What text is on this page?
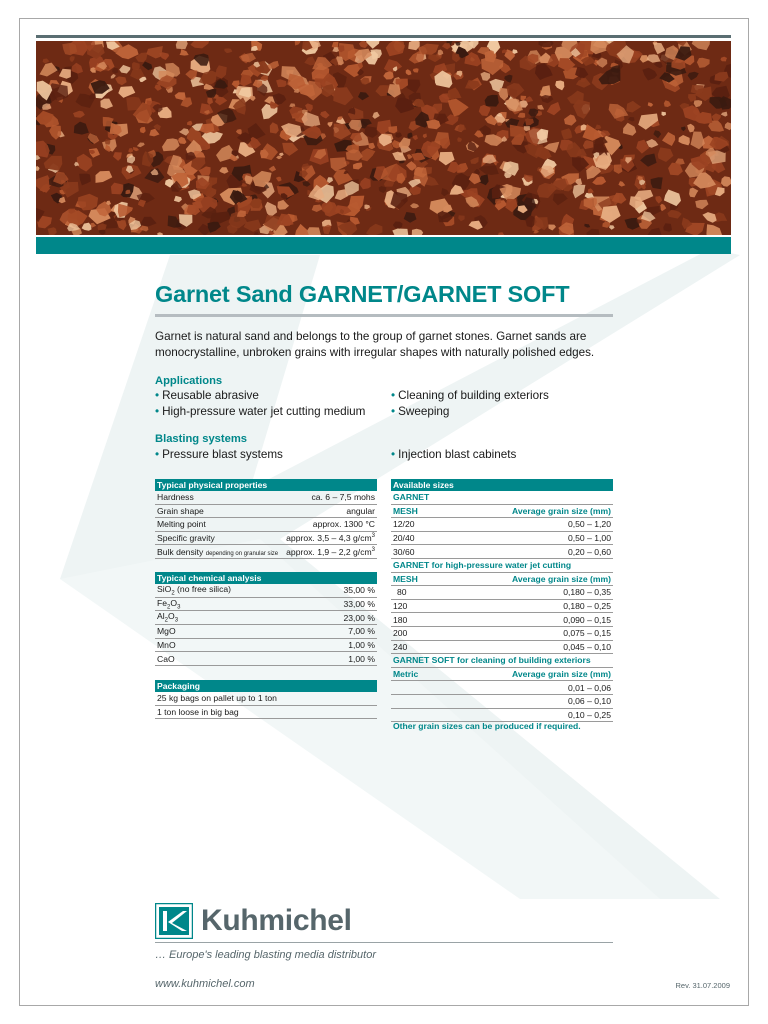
Garnet Sand GARNET/GARNET SOFT
Garnet is natural sand and belongs to the group of garnet stones. Garnet sands are
monocrystalline, unbroken grains with irregular shapes with naturally polished edges.
Applications
• Reusable abrasive
• High-pressure water jet cutting medium
• Cleaning of building exteriors
• Sweeping
Blasting systems
• Pressure blast systems	• Injection blast cabinets
Typical physical properties	
Hardness	ca. 6 – 7,5 mohs
Grain shape	angular
Melting point	approx. 1300 °C
Specific gravity	approx. 3,5 – 4,3 $g/cm^3$
Bulk density depending on granular size	approx. 1,9 – 2,2 $g/cm^3$
Typical chemical analysis	
SiO$_2$ (no free silica)	35,00 %
$Fe_2O_3$	33,00 %
$Al_2O_3$	23,00 %
MgO	7,00 %
MnO	1,00 %
CaO	1,00 %
Packaging
25 kg bags on pallet up to 1 ton
1 ton loose in big bag
Available sizes	
GARNET	
MESH	Average grain size (mm)
12/20	0,50 – 1,20
20/40	0,50 – 1,00
30/60	0,20 – 0,60
GARNET for high-pressure water jet cutting	
MESH	Average grain size (mm)
80	0,180 – 0,35
120	0,180 – 0,25
180	0,090 – 0,15
200	0,075 – 0,15
240	0,045 – 0,10
GARNET SOFT for cleaning of building exteriors	
Metric	Average grain size (mm)
	0,01 – 0,06
	0,06 – 0,10
	0,10 – 0,25
Other grain sizes can be produced if required.
Kuhmichel
… Europe's leading blasting media distributor
www.kuhmichel.com	Rev. 31.07.2009
